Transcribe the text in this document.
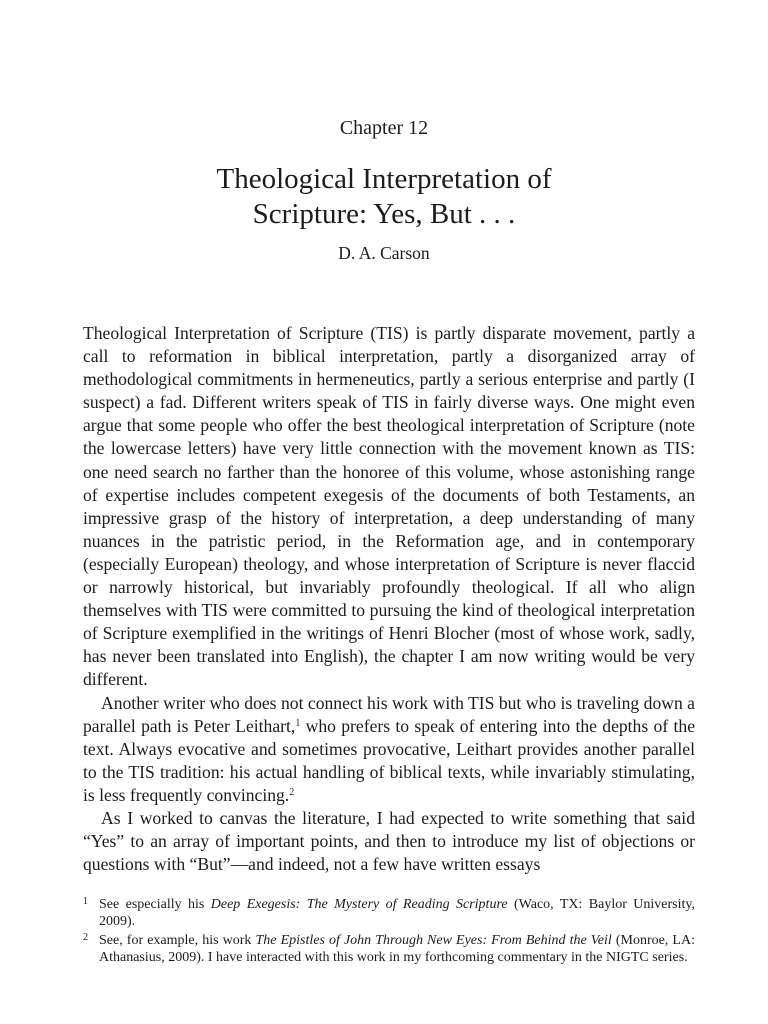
Chapter 12
Theological Interpretation of
Scripture: Yes, But . . .
D. A. Carson

Theological Interpretation of Scripture (TIS) is partly disparate movement, partly a call to reformation in biblical interpretation, partly a disorganized array of methodological commitments in hermeneutics, partly a serious enterprise and partly (I suspect) a fad. Different writers speak of TIS in fairly diverse ways. One might even argue that some people who offer the best theological interpretation of Scripture (note the lowercase letters) have very little connection with the movement known as TIS: one need search no farther than the honoree of this volume, whose astonishing range of expertise includes competent exegesis of the documents of both Testaments, an impressive grasp of the history of interpretation, a deep understanding of many nuances in the patristic period, in the Reformation age, and in contemporary (especially European) theology, and whose interpretation of Scripture is never flaccid or narrowly historical, but invariably profoundly theological. If all who align themselves with TIS were committed to pursuing the kind of theological interpretation of Scripture exemplified in the writings of Henri Blocher (most of whose work, sadly, has never been translated into English), the chapter I am now writing would be very different.

Another writer who does not connect his work with TIS but who is traveling down a parallel path is Peter Leithart,$^1$ who prefers to speak of entering into the depths of the text. Always evocative and sometimes provocative, Leithart provides another parallel to the TIS tradition: his actual handling of biblical texts, while invariably stimulating, is less frequently convincing.$^2$

As I worked to canvas the literature, I had expected to write something that said “Yes” to an array of important points, and then to introduce my list of objections or questions with “But”—and indeed, not a few have written essays

1 See especially his Deep Exegesis: The Mystery of Reading Scripture (Waco, TX: Baylor University, 2009).
2 See, for example, his work The Epistles of John Through New Eyes: From Behind the Veil (Monroe, LA: Athanasius, 2009). I have interacted with this work in my forthcoming commentary in the NIGTC series.
